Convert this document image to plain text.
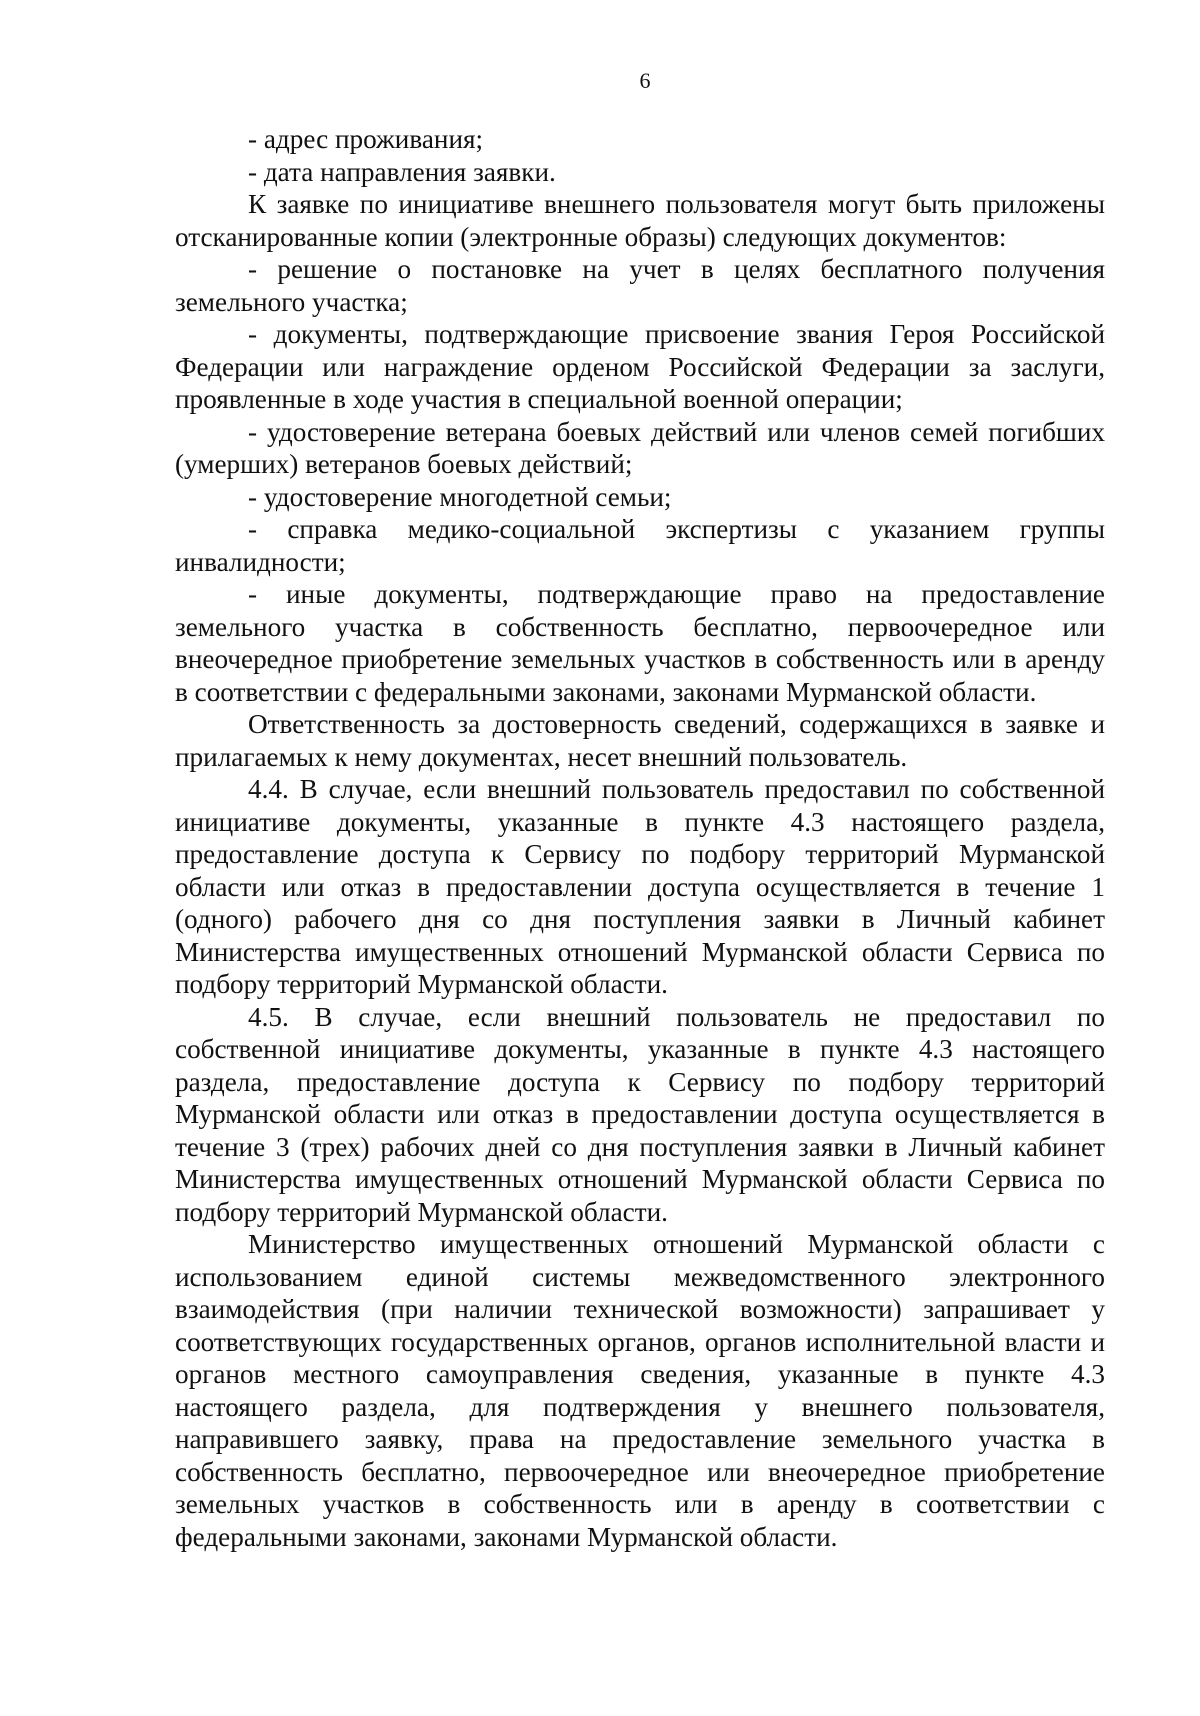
6

- адрес проживания;

- дата направления заявки.

К заявке по инициативе внешнего пользователя могут быть приложены отсканированные копии (электронные образы) следующих документов:

- решение о постановке на учет в целях бесплатного получения земельного участка;

- документы, подтверждающие присвоение звания Героя Российской Федерации или награждение орденом Российской Федерации за заслуги, проявленные в ходе участия в специальной военной операции;

- удостоверение ветерана боевых действий или членов семей погибших (умерших) ветеранов боевых действий;

- удостоверение многодетной семьи;

- справка медико-социальной экспертизы с указанием группы инвалидности;

- иные документы, подтверждающие право на предоставление земельного участка в собственность бесплатно, первоочередное или внеочередное приобретение земельных участков в собственность или в аренду в соответствии с федеральными законами, законами Мурманской области.

Ответственность за достоверность сведений, содержащихся в заявке и прилагаемых к нему документах, несет внешний пользователь.

4.4. В случае, если внешний пользователь предоставил по собственной инициативе документы, указанные в пункте 4.3 настоящего раздела, предоставление доступа к Сервису по подбору территорий Мурманской области или отказ в предоставлении доступа осуществляется в течение 1 (одного) рабочего дня со дня поступления заявки в Личный кабинет Министерства имущественных отношений Мурманской области Сервиса по подбору территорий Мурманской области.

4.5. В случае, если внешний пользователь не предоставил по собственной инициативе документы, указанные в пункте 4.3 настоящего раздела, предоставление доступа к Сервису по подбору территорий Мурманской области или отказ в предоставлении доступа осуществляется в течение 3 (трех) рабочих дней со дня поступления заявки в Личный кабинет Министерства имущественных отношений Мурманской области Сервиса по подбору территорий Мурманской области.

Министерство имущественных отношений Мурманской области с использованием единой системы межведомственного электронного взаимодействия (при наличии технической возможности) запрашивает у соответствующих государственных органов, органов исполнительной власти и органов местного самоуправления сведения, указанные в пункте 4.3 настоящего раздела, для подтверждения у внешнего пользователя, направившего заявку, права на предоставление земельного участка в собственность бесплатно, первоочередное или внеочередное приобретение земельных участков в собственность или в аренду в соответствии с федеральными законами, законами Мурманской области.
